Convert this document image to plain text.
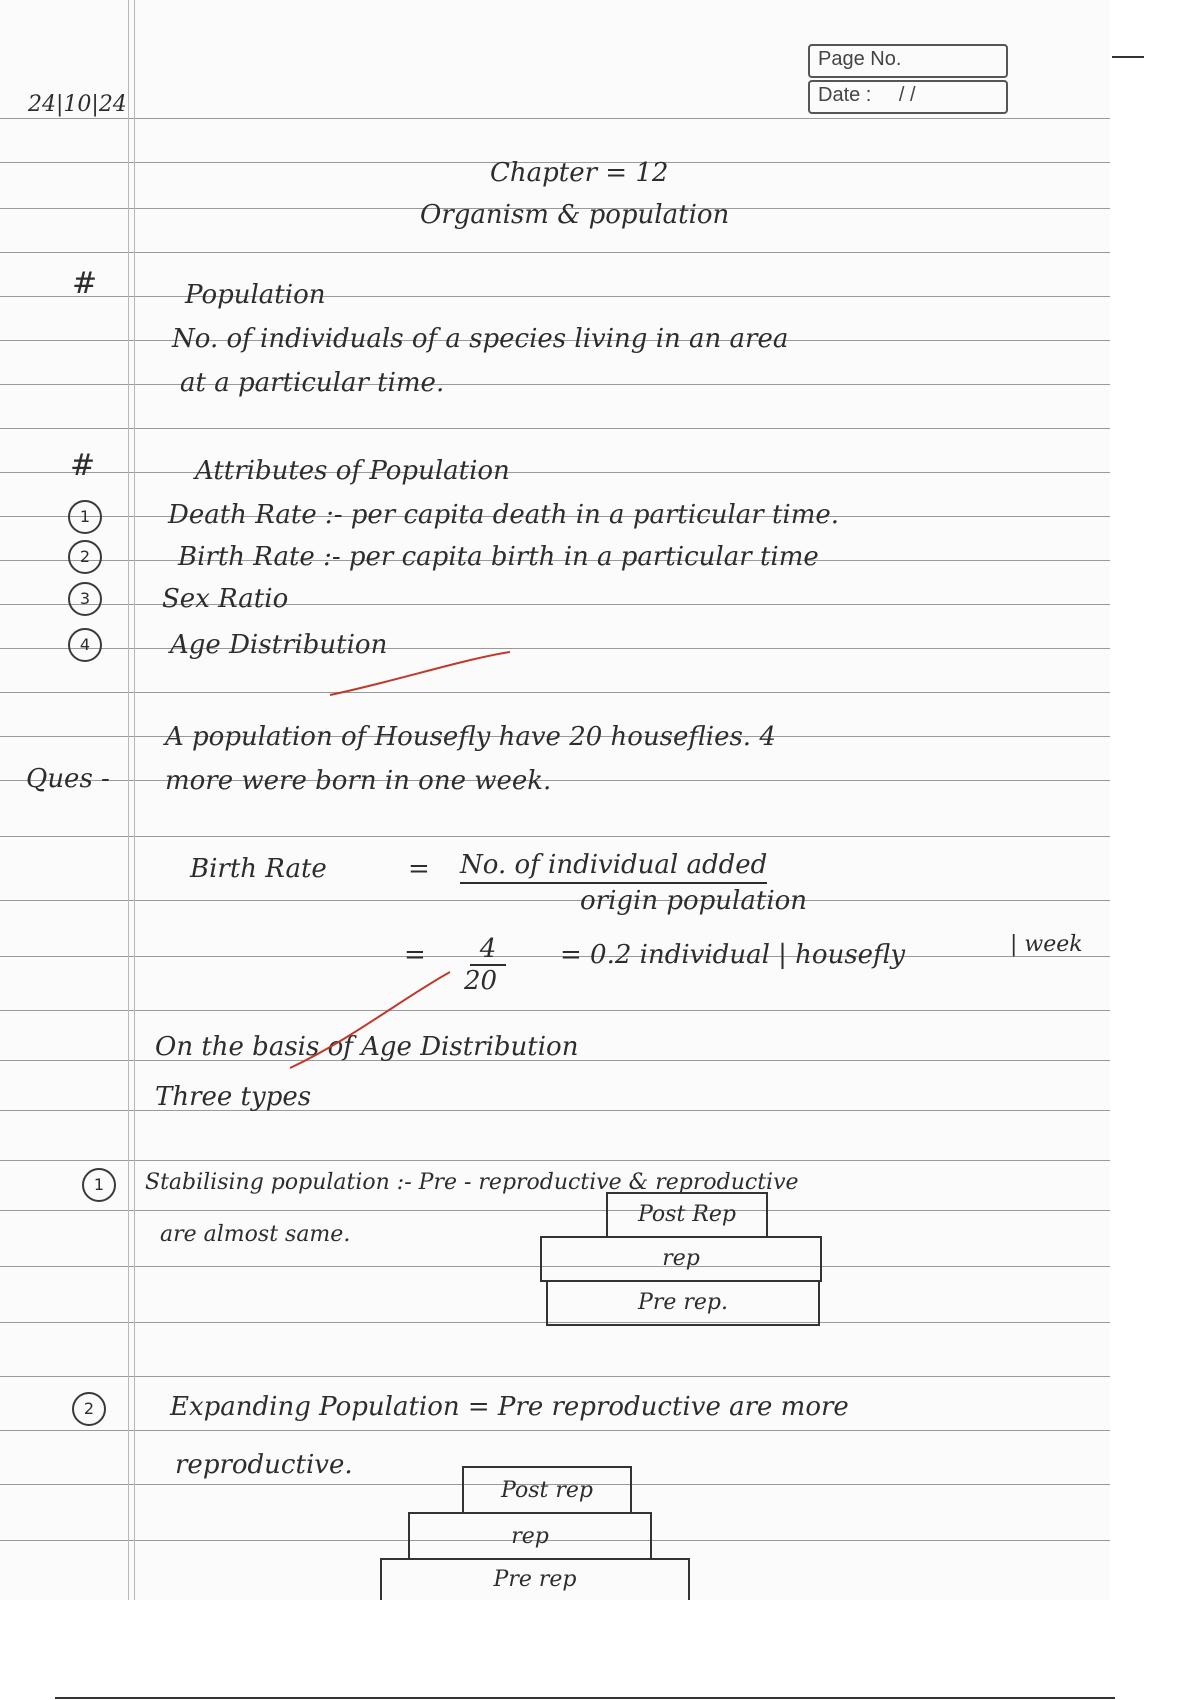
24|10|24
Page No.
Date : / /
Chapter = 12
Organism & population
#	Population
No. of individuals of a species living in an area
at a particular time.
#	Attributes of Population
1	Death Rate :- per capita death in a particular time.
2	Birth Rate :- per capita birth in a particular time
3	Sex Ratio
4	Age Distribution
Ques -
A population of Housefly have 20 houseflies. 4
more were born in one week.
Birth Rate	= No. of individual added
origin population
=	4
20
= 0.2 individual | housefly	| week
On the basis of Age Distribution
Three types
1	Stabilising population :- Pre - reproductive & reproductive
are almost same.
Post Rep
rep
Pre rep.
2	Expanding Population = Pre reproductive are more
reproductive.
Post rep
rep
Pre rep
